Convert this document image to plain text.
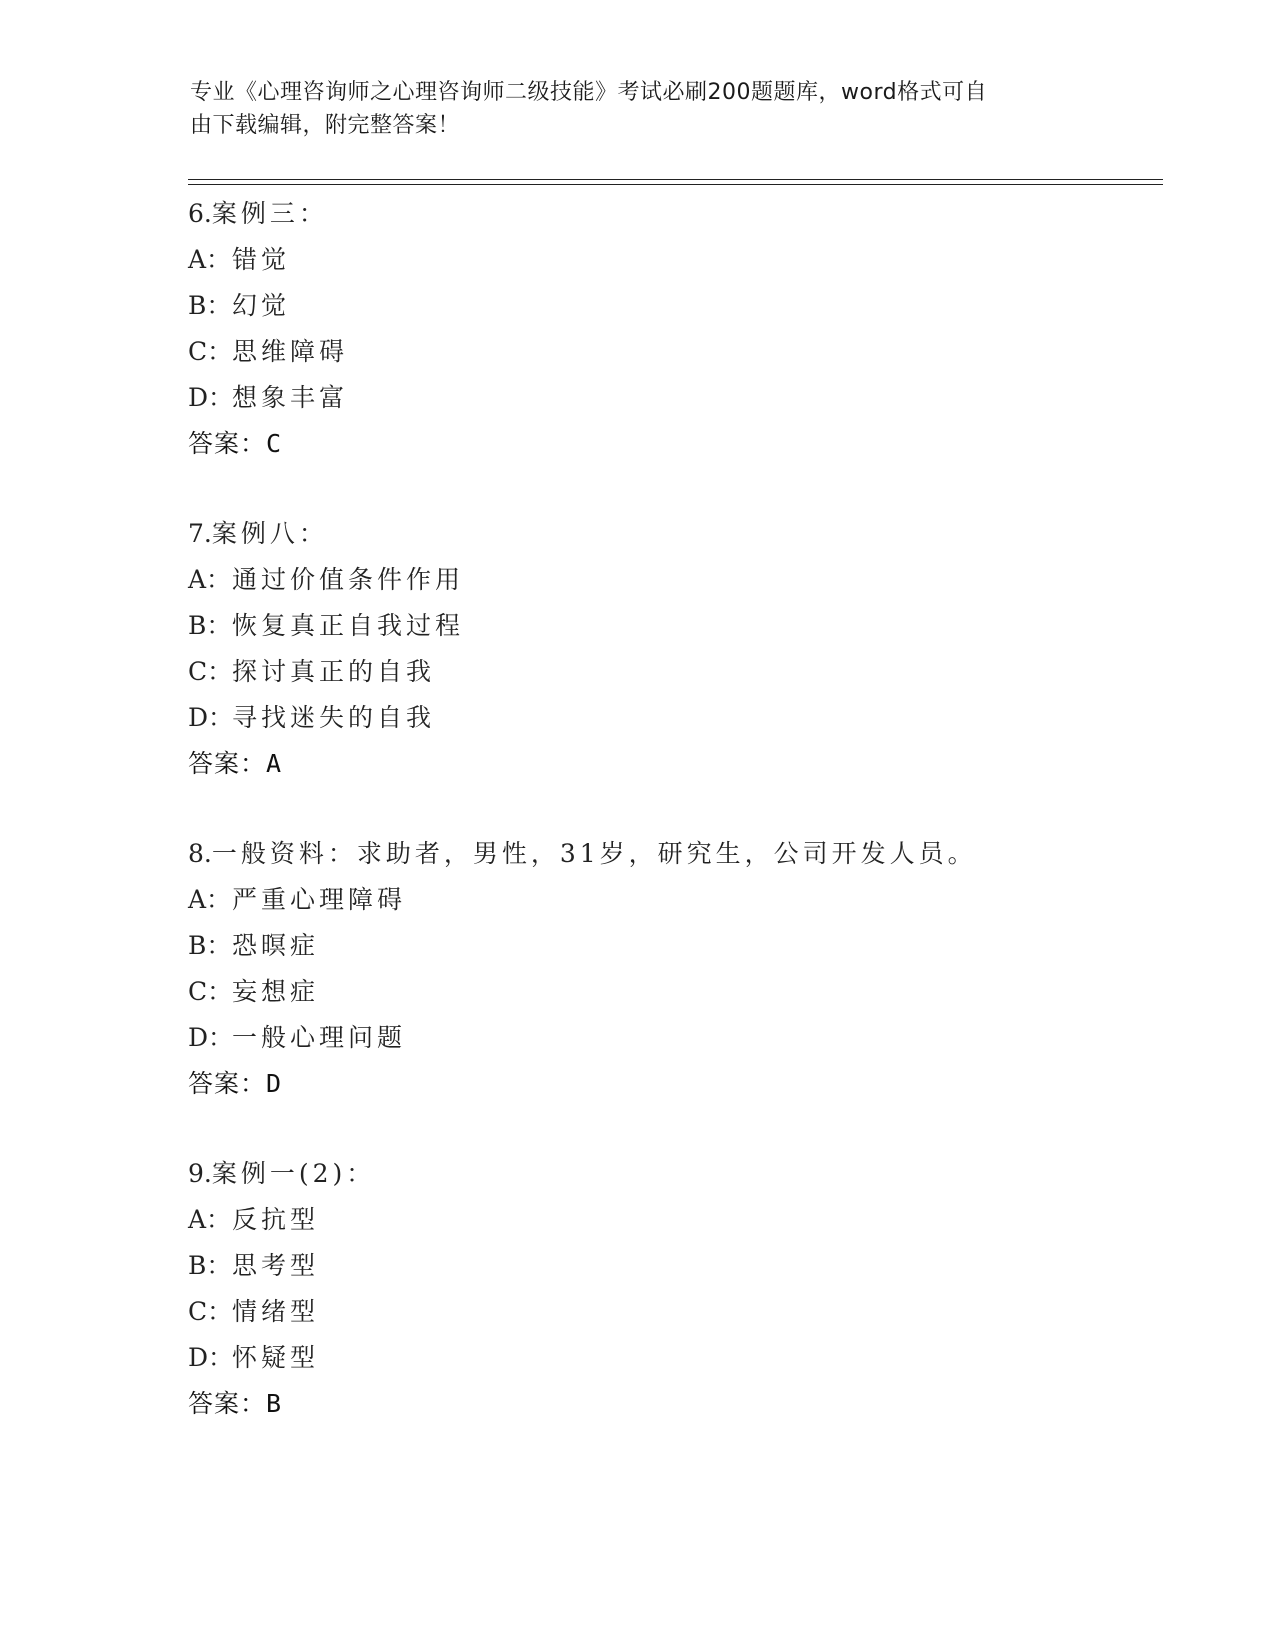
专业《心理咨询师之心理咨询师二级技能》考试必刷200题题库，word格式可自
由下载编辑，附完整答案！
6.案例三：
A：错觉
B：幻觉
C：思维障碍
D：想象丰富
答案：C
7.案例八：
A：通过价值条件作用
B：恢复真正自我过程
C：探讨真正的自我
D：寻找迷失的自我
答案：A
8.一般资料：求助者，男性，31岁，研究生，公司开发人员。
A：严重心理障碍
B：恐暝症
C：妄想症
D：一般心理问题
答案：D
9.案例一(2)：
A：反抗型
B：思考型
C：情绪型
D：怀疑型
答案：B
